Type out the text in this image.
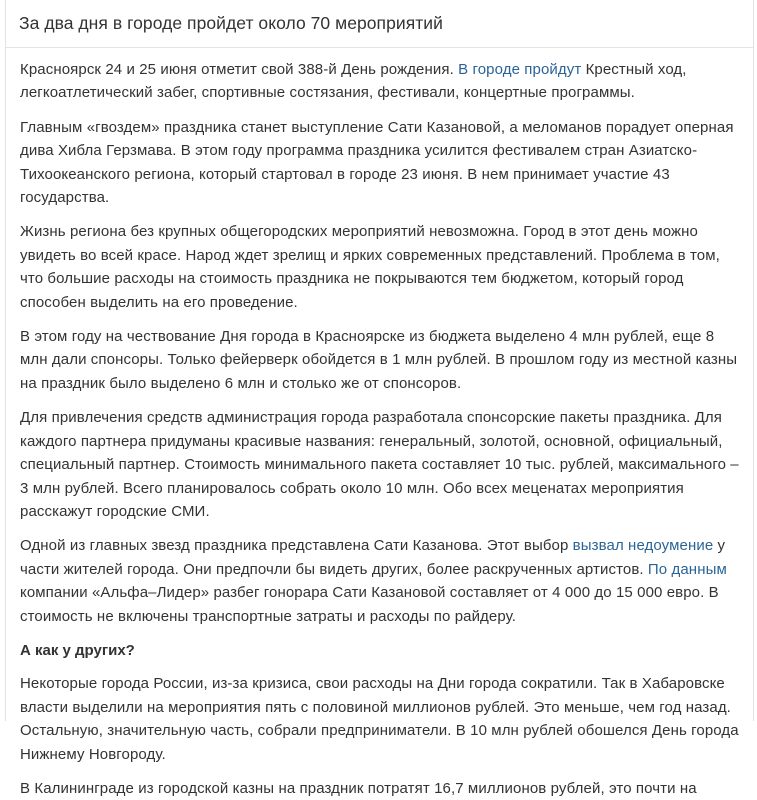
За два дня в городе пройдет около 70 мероприятий

Красноярск 24 и 25 июня отметит свой 388-й День рождения. В городе пройдут Крестный ход, легкоатлетический забег, спортивные состязания, фестивали, концертные программы.

Главным «гвоздем» праздника станет выступление Сати Казановой, а меломанов порадует оперная дива Хибла Герзмава. В этом году программа праздника усилится фестивалем стран Азиатско-Тихоокеанского региона, который стартовал в городе 23 июня. В нем принимает участие 43 государства.

Жизнь региона без крупных общегородских мероприятий невозможна. Город в этот день можно увидеть во всей красе. Народ ждет зрелищ и ярких современных представлений. Проблема в том, что большие расходы на стоимость праздника не покрываются тем бюджетом, который город способен выделить на его проведение.

В этом году на чествование Дня города в Красноярске из бюджета выделено 4 млн рублей, еще 8 млн дали спонсоры. Только фейерверк обойдется в 1 млн рублей. В прошлом году из местной казны на праздник было выделено 6 млн и столько же от спонсоров.

Для привлечения средств администрация города разработала спонсорские пакеты праздника. Для каждого партнера придуманы красивые названия: генеральный, золотой, основной, официальный, специальный партнер. Стоимость минимального пакета составляет 10 тыс. рублей, максимального – 3 млн рублей. Всего планировалось собрать около 10 млн. Обо всех меценатах мероприятия расскажут городские СМИ.

Одной из главных звезд праздника представлена Сати Казанова. Этот выбор вызвал недоумение у части жителей города. Они предпочли бы видеть других, более раскрученных артистов. По данным компании «Альфа–Лидер» разбег гонорара Сати Казановой составляет от 4 000 до 15 000 евро. В стоимость не включены транспортные затраты и расходы по райдеру.

А как у других?

Некоторые города России, из-за кризиса, свои расходы на Дни города сократили. Так в Хабаровске власти выделили на мероприятия пять с половиной миллионов рублей. Это меньше, чем год назад. Остальную, значительную часть, собрали предприниматели. В 10 млн рублей обошелся День города Нижнему Новгороду.

В Калининграде из городской казны на праздник потратят 16,7 миллионов рублей, это почти на
